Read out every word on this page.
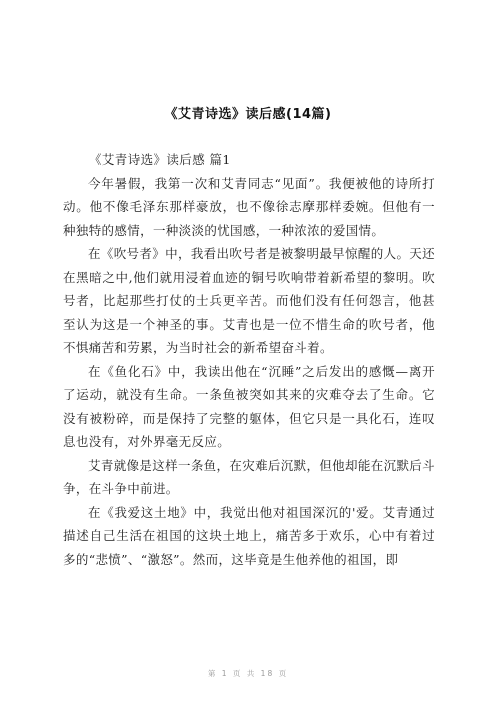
《艾青诗选》读后感(14篇)

《艾青诗选》读后感 篇1

今年暑假，我第一次和艾青同志“见面”。我便被他的诗所打动。他不像毛泽东那样豪放，也不像徐志摩那样委婉。但他有一种独特的感情，一种淡淡的忧国感，一种浓浓的爱国情。

在《吹号者》中，我看出吹号者是被黎明最早惊醒的人。天还在黑暗之中,他们就用浸着血迹的铜号吹响带着新希望的黎明。吹号者，比起那些打仗的士兵更辛苦。而他们没有任何怨言，他甚至认为这是一个神圣的事。艾青也是一位不惜生命的吹号者，他不惧痛苦和劳累，为当时社会的新希望奋斗着。

在《鱼化石》中，我读出他在“沉睡”之后发出的感慨—离开了运动，就没有生命。一条鱼被突如其来的灾难夺去了生命。它没有被粉碎，而是保持了完整的躯体，但它只是一具化石，连叹息也没有，对外界毫无反应。

艾青就像是这样一条鱼，在灾难后沉默，但他却能在沉默后斗争，在斗争中前进。

在《我爱这土地》中，我觉出他对祖国深沉的'爱。艾青通过描述自己生活在祖国的这块土地上，痛苦多于欢乐，心中有着过多的“悲愤”、“激怒”。然而，这毕竟是生他养他的祖国，即

第 1 页 共 18 页
